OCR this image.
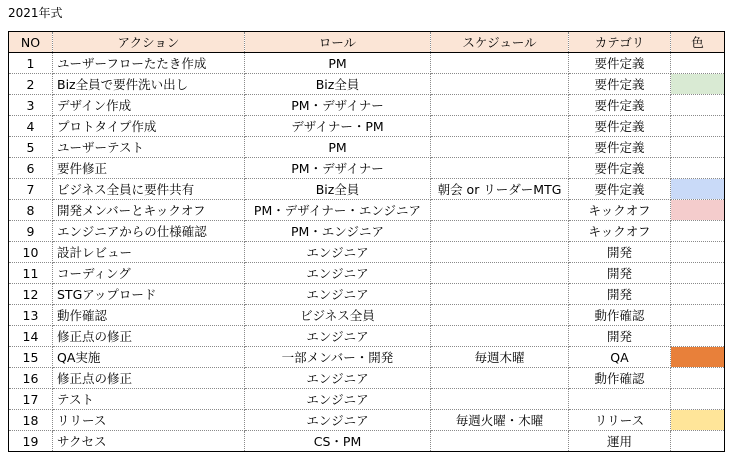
2021年式
NO	アクション	ロール	スケジュール	カテゴリ	色
1	ユーザーフローたたき作成	PM		要件定義	
2	Biz全員で要件洗い出し	Biz全員		要件定義	
3	デザイン作成	PM・デザイナー		要件定義	
4	プロトタイプ作成	デザイナー・PM		要件定義	
5	ユーザーテスト	PM		要件定義	
6	要件修正	PM・デザイナー		要件定義	
7	ビジネス全員に要件共有	Biz全員	朝会 or リーダーMTG	要件定義	
8	開発メンバーとキックオフ	PM・デザイナー・エンジニア		キックオフ	
9	エンジニアからの仕様確認	PM・エンジニア		キックオフ	
10	設計レビュー	エンジニア		開発	
11	コーディング	エンジニア		開発	
12	STGアップロード	エンジニア		開発	
13	動作確認	ビジネス全員		動作確認	
14	修正点の修正	エンジニア		開発	
15	QA実施	一部メンバー・開発	毎週木曜	QA	
16	修正点の修正	エンジニア		動作確認	
17	テスト	エンジニア			
18	リリース	エンジニア	毎週火曜・木曜	リリース	
19	サクセス	CS・PM		運用	
